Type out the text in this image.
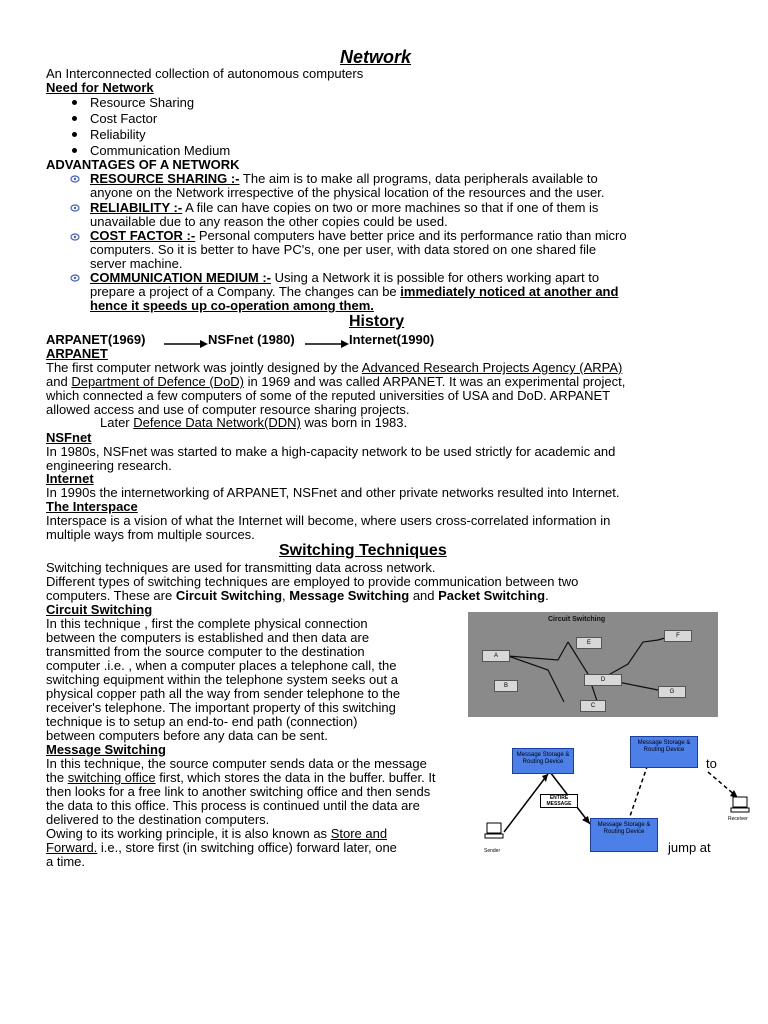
Network
An Interconnected collection of autonomous computers
Need for Network
Resource Sharing
Cost Factor
Reliability
Communication Medium
ADVANTAGES OF A NETWORK
RESOURCE SHARING :- The aim is to make all programs, data peripherals available to
anyone on the Network irrespective of the physical location of the resources and the user.
RELIABILITY :- A file can have copies on two or more machines so that if one of them is
unavailable due to any reason the other copies could be used.
COST FACTOR :- Personal computers have better price and its performance ratio than micro
computers. So it is better to have PC's, one per user, with data stored on one shared file
server machine.
COMMUNICATION MEDIUM :- Using a Network it is possible for others working apart to
prepare a project of a Company. The changes can be immediately noticed at another and
hence it speeds up co-operation among them.
History
ARPANET(1969)	NSFnet (1980)	Internet(1990)
ARPANET
The first computer network was jointly designed by the Advanced Research Projects Agency (ARPA)
and Department of Defence (DoD) in 1969 and was called ARPANET. It was an experimental project,
which connected a few computers of some of the reputed universities of USA and DoD. ARPANET
allowed access and use of computer resource sharing projects.
Later Defence Data Network(DDN) was born in 1983.
NSFnet
In 1980s, NSFnet was started to make a high-capacity network to be used strictly for academic and
engineering research.
Internet
In 1990s the internetworking of ARPANET, NSFnet and other private networks resulted into Internet.
The Interspace
Interspace is a vision of what the Internet will become, where users cross-correlated information in
multiple ways from multiple sources.
Switching Techniques
Switching techniques are used for transmitting data across network.
Different types of switching techniques are employed to provide communication between two
computers. These are Circuit Switching, Message Switching and Packet Switching.
Circuit Switching
In this technique , first the complete physical connection
between the computers is established and then data are
transmitted from the source computer to the destination
computer .i.e. , when a computer places a telephone call, the
switching equipment within the telephone system seeks out a
physical copper path all the way from sender telephone to the
receiver's telephone. The important property of this switching
technique is to setup an end-to- end path (connection)
between computers before any data can be sent.
Circuit Switching
A
B
C
D
E
F
G
Message Switching
In this technique, the source computer sends data or the message
the switching office first, which stores the data in the buffer. buffer. It
then looks for a free link to another switching office and then sends
the data to this office. This process is continued until the data are
delivered to the destination computers.
Owing to its working principle, it is also known as Store and
Forward. i.e., store first (in switching office) forward later, one
a time.
to
jump at
Message Storage & Routing Device
Message Storage & Routing Device
Message Storage & Routing Device
ENTIRE MESSAGE
Sender
Receiver
